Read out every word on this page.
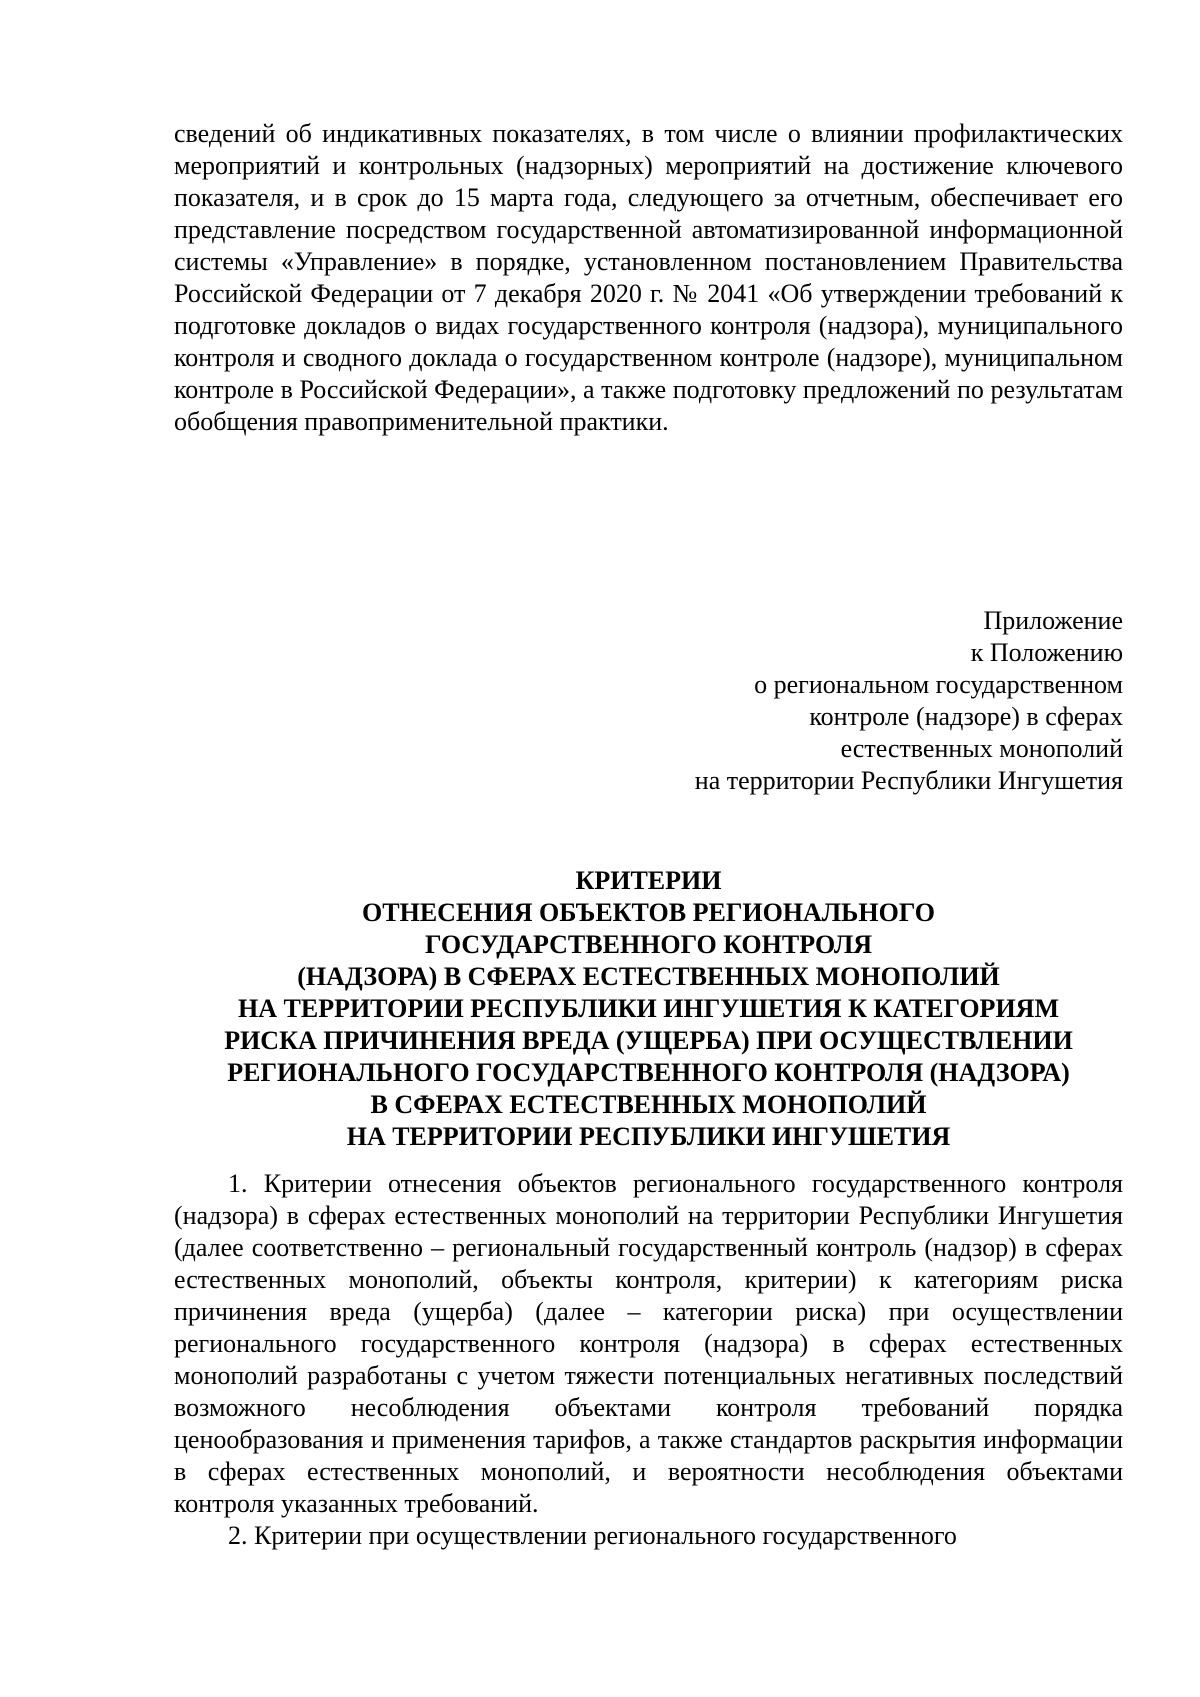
сведений об индикативных показателях, в том числе о влиянии профилактических мероприятий и контрольных (надзорных) мероприятий на достижение ключевого показателя, и в срок до 15 марта года, следующего за отчетным, обеспечивает его представление посредством государственной автоматизированной информационной системы «Управление» в порядке, установленном постановлением Правительства Российской Федерации от 7 декабря 2020 г. № 2041 «Об утверждении требований к подготовке докладов о видах государственного контроля (надзора), муниципального контроля и сводного доклада о государственном контроле (надзоре), муниципальном контроле в Российской Федерации», а также подготовку предложений по результатам обобщения правоприменительной практики.
Приложение
к Положению
о региональном государственном
контроле (надзоре) в сферах
естественных монополий
на территории Республики Ингушетия
КРИТЕРИИ
ОТНЕСЕНИЯ ОБЪЕКТОВ РЕГИОНАЛЬНОГО
ГОСУДАРСТВЕННОГО КОНТРОЛЯ
(НАДЗОРА) В СФЕРАХ ЕСТЕСТВЕННЫХ МОНОПОЛИЙ
НА ТЕРРИТОРИИ РЕСПУБЛИКИ ИНГУШЕТИЯ К КАТЕГОРИЯМ
РИСКА ПРИЧИНЕНИЯ ВРЕДА (УЩЕРБА) ПРИ ОСУЩЕСТВЛЕНИИ
РЕГИОНАЛЬНОГО ГОСУДАРСТВЕННОГО КОНТРОЛЯ (НАДЗОРА)
В СФЕРАХ ЕСТЕСТВЕННЫХ МОНОПОЛИЙ
НА ТЕРРИТОРИИ РЕСПУБЛИКИ ИНГУШЕТИЯ

1. Критерии отнесения объектов регионального государственного контроля (надзора) в сферах естественных монополий на территории Республики Ингушетия (далее соответственно – региональный государственный контроль (надзор) в сферах естественных монополий, объекты контроля, критерии) к категориям риска причинения вреда (ущерба) (далее – категории риска) при осуществлении регионального государственного контроля (надзора) в сферах естественных монополий разработаны с учетом тяжести потенциальных негативных последствий возможного несоблюдения объектами контроля требований порядка ценообразования и применения тарифов, а также стандартов раскрытия информации в сферах естественных монополий, и вероятности несоблюдения объектами контроля указанных требований.

2. Критерии при осуществлении регионального государственного
